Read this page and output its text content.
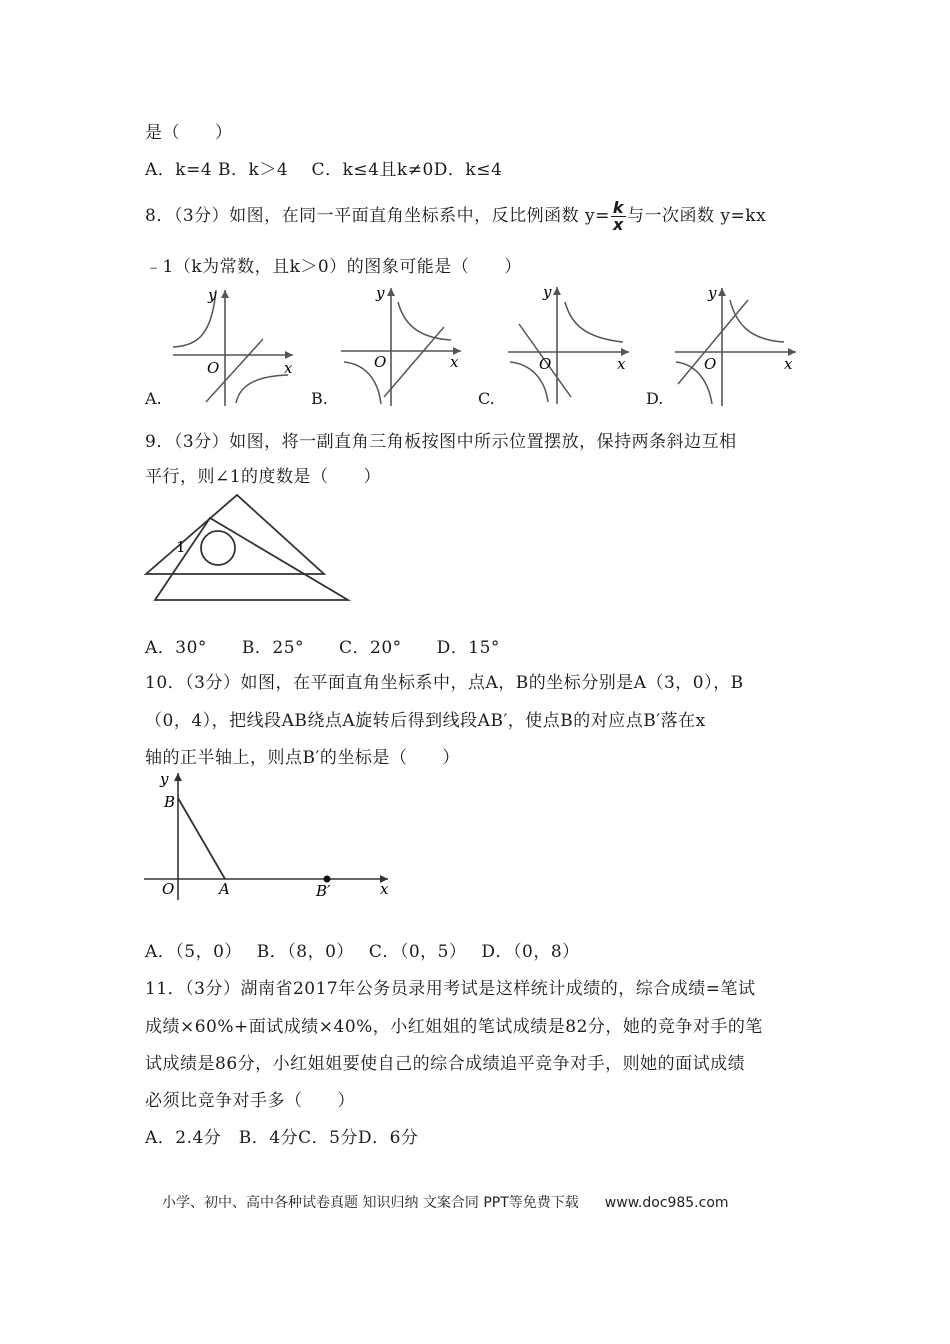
是（　　）
A．k=4 B．k＞4　 C．k≤4且k≠0D．k≤4
8．（3分）如图，在同一平面直角坐标系中，反比例函数 $y= \frac{k}{x}$ 与一次函数 y=kx
﹣1（k为常数，且k＞0）的图象可能是（　　）
y
x
O
A.
y
x
O
B.
y
x
O
C.
y
x
O
D.
9．（3分）如图，将一副直角三角板按图中所示位置摆放，保持两条斜边互相
平行，则∠1的度数是（　　）
1
A．30°　　B．25°　　C．20°　　D．15°
10．（3分）如图，在平面直角坐标系中，点A，B的坐标分别是A（3，0），B
（0，4），把线段AB绕点A旋转后得到线段AB′，使点B的对应点B′落在x
轴的正半轴上，则点B′的坐标是（　　）
y
B
O	A	B′	x
A．（5，0）　 B．（8，0）　 C．（0，5）　 D．（0，8）
11．（3分）湖南省2017年公务员录用考试是这样统计成绩的，综合成绩=笔试
成绩×60%+面试成绩×40%，小红姐姐的笔试成绩是82分，她的竞争对手的笔
试成绩是86分，小红姐姐要使自己的综合成绩追平竞争对手，则她的面试成绩
必须比竞争对手多（　　）
A．2.4分　B．4分C．5分D．6分
小学、初中、高中各种试卷真题 知识归纳 文案合同 PPT等免费下载 www.doc985.com
